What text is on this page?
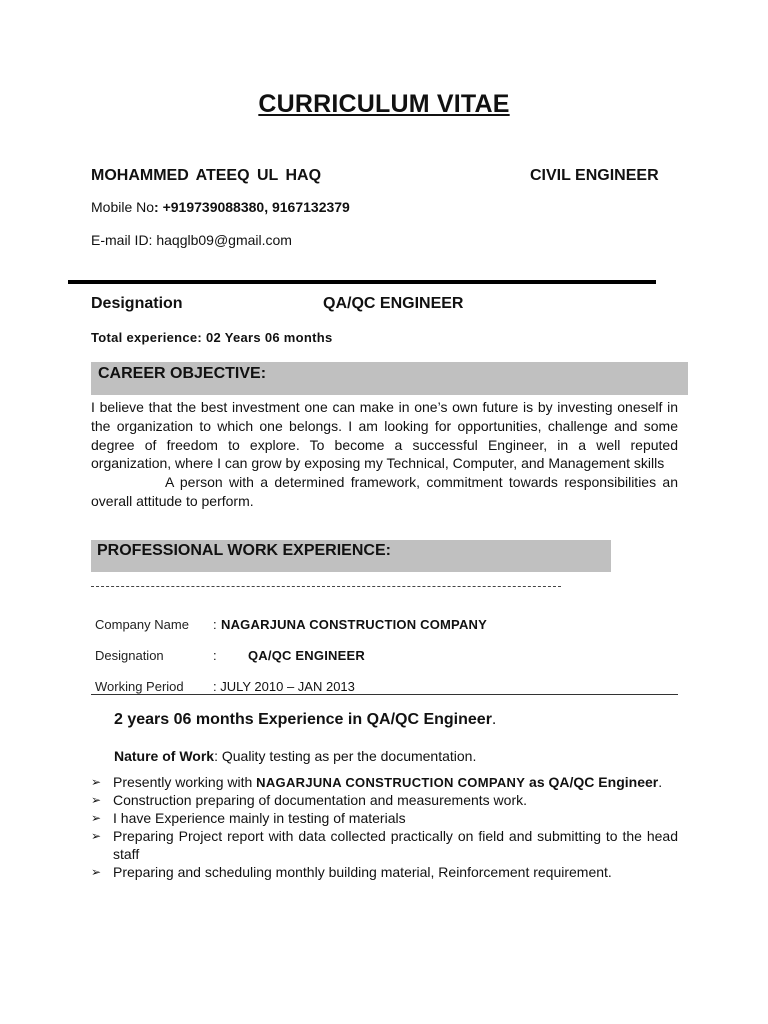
CURRICULUM VITAE
MOHAMMED ATEEQ UL HAQ	CIVIL ENGINEER
Mobile No: +919739088380, 9167132379
E-mail ID: haqglb09@gmail.com
Designation	QA/QC ENGINEER
Total experience: 02 Years 06 months
CAREER OBJECTIVE:

I believe that the best investment one can make in one’s own future is by investing oneself in the organization to which one belongs. I am looking for opportunities, challenge and some degree of freedom to explore. To become a successful Engineer, in a well reputed organization, where I can grow by exposing my Technical, Computer, and Management skills

A person with a determined framework, commitment towards responsibilities an overall attitude to perform.

PROFESSIONAL WORK EXPERIENCE:
Company Name : NAGARJUNA CONSTRUCTION COMPANY
Designation	: QA/QC ENGINEER
Working Period : JULY 2010 – JAN 2013
2 years 06 months Experience in QA/QC Engineer.
Nature of Work: Quality testing as per the documentation.
➢ Presently working with NAGARJUNA CONSTRUCTION COMPANY as QA/QC Engineer.
➢ Construction preparing of documentation and measurements work.
➢ I have Experience mainly in testing of materials
➢ Preparing Project report with data collected practically on field and submitting to the head staff
➢ Preparing and scheduling monthly building material, Reinforcement requirement.
